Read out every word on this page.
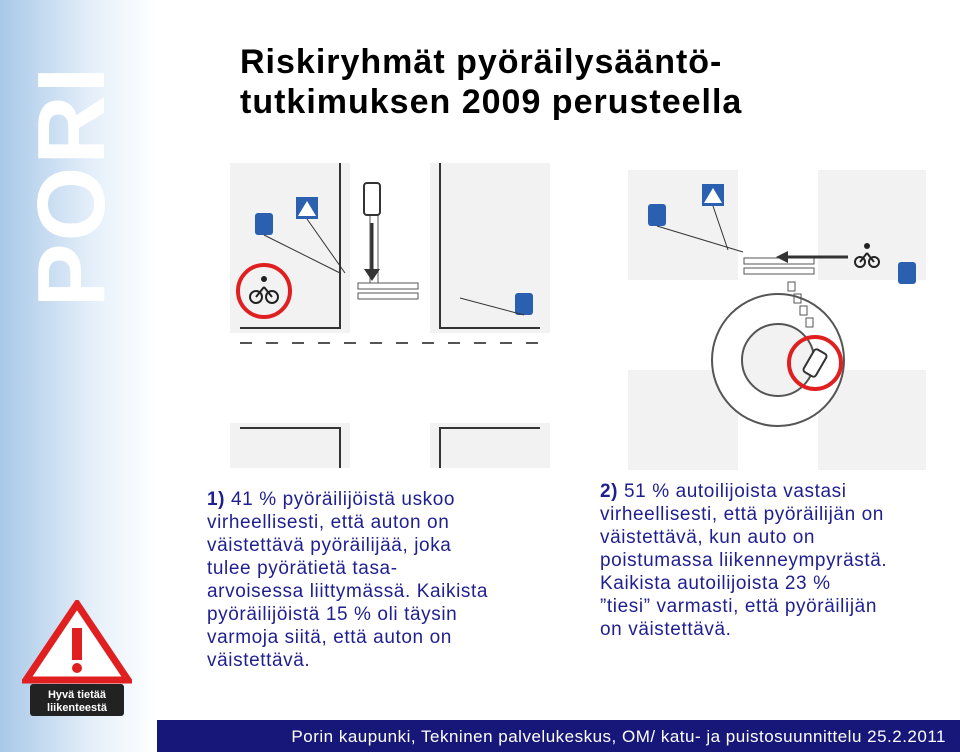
PORI
Hyvä tietää
liikenteestä
Riskiryhmät pyöräilysääntö-
tutkimuksen 2009 perusteella

1) 41 % pyöräilijöistä uskoo

virheellisesti, että auton on

väistettävä pyöräilijää, joka

tulee pyörätietä tasa-

arvoisessa liittymässä. Kaikista

pyöräilijöistä 15 % oli täysin

varmoja siitä, että auton on

väistettävä.

2) 51 % autoilijoista vastasi

virheellisesti, että pyöräilijän on

väistettävä, kun auto on

poistumassa liikenneympyrästä.

Kaikista autoilijoista 23 %

”tiesi” varmasti, että pyöräilijän

on väistettävä.

Porin kaupunki, Tekninen palvelukeskus, OM/ katu- ja puistosuunnittelu 25.2.2011
